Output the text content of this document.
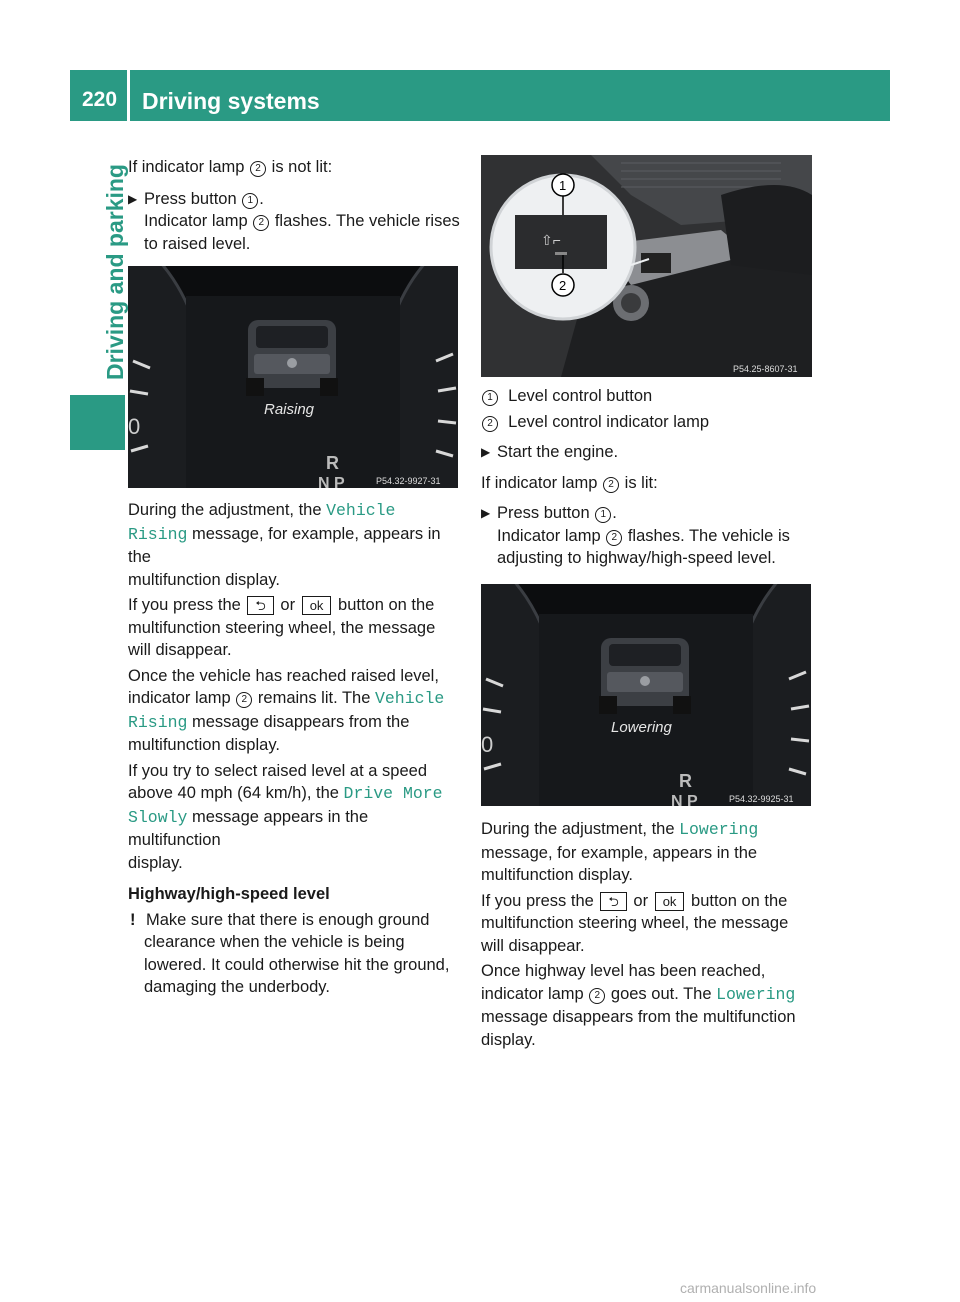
220 Driving systems
Driving and parking If indicator lamp 2 is not lit:

▶ Press button 1 .

Indicator lamp 2 flashes. The vehicle rises

to raised level.

0
Raising
R
N P	P54.32-9927-31

During the adjustment, the Vehicle

Rising message, for example, appears in the

multifunction display.

If you press the ⮌ or ok button on the

multifunction steering wheel, the message

will disappear.

Once the vehicle has reached raised level,

indicator lamp 2 remains lit. The Vehicle

Rising message disappears from the

multifunction display.

If you try to select raised level at a speed

above 40 mph (64 km/h), the Drive More

Slowly message appears in the multifunction

display.

Highway/high-speed level

! Make sure that there is enough ground

clearance when the vehicle is being

lowered. It could otherwise hit the ground,

damaging the underbody.

⇧⌐
1
2
P54.25-8607-31

1 Level control button

2 Level control indicator lamp

▶ Start the engine.

If indicator lamp 2 is lit:

▶ Press button 1 .

Indicator lamp 2 flashes. The vehicle is

adjusting to highway/high-speed level.

0
Lowering
R
N P	P54.32-9925-31

During the adjustment, the Lowering

message, for example, appears in the

multifunction display.

If you press the ⮌ or ok button on the

multifunction steering wheel, the message

will disappear.

Once highway level has been reached,

indicator lamp 2 goes out. The Lowering

message disappears from the multifunction

display.

carmanualsonline.info
